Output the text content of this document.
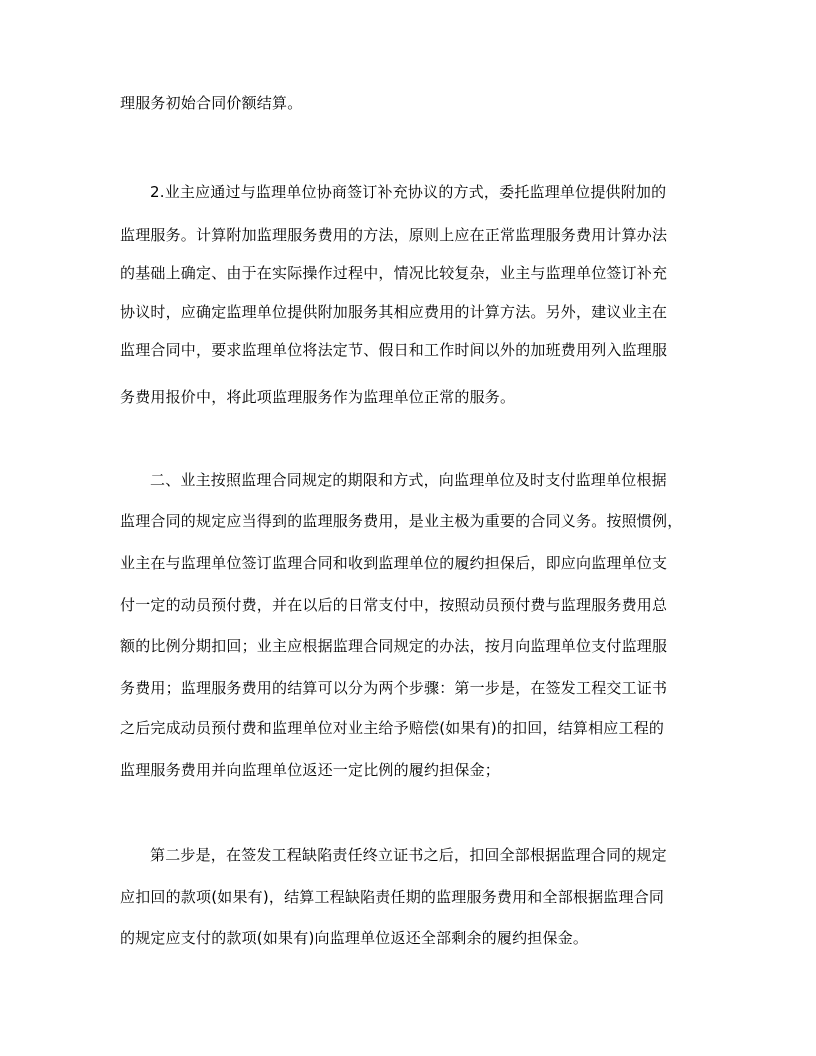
理服务初始合同价额结算。
2.业主应通过与监理单位协商签订补充协议的方式，委托监理单位提供附加的
监理服务。计算附加监理服务费用的方法，原则上应在正常监理服务费用计算办法
的基础上确定、由于在实际操作过程中，情况比较复杂，业主与监理单位签订补充
协议时，应确定监理单位提供附加服务其相应费用的计算方法。另外，建议业主在
监理合同中，要求监理单位将法定节、假日和工作时间以外的加班费用列入监理服
务费用报价中，将此项监理服务作为监理单位正常的服务。
二、业主按照监理合同规定的期限和方式，向监理单位及时支付监理单位根据
监理合同的规定应当得到的监理服务费用，是业主极为重要的合同义务。按照惯例，
业主在与监理单位签订监理合同和收到监理单位的履约担保后，即应向监理单位支
付一定的动员预付费，并在以后的日常支付中，按照动员预付费与监理服务费用总
额的比例分期扣回；业主应根据监理合同规定的办法，按月向监理单位支付监理服
务费用；监理服务费用的结算可以分为两个步骤：第一步是，在签发工程交工证书
之后完成动员预付费和监理单位对业主给予赔偿(如果有)的扣回，结算相应工程的
监理服务费用并向监理单位返还一定比例的履约担保金；
第二步是，在签发工程缺陷责任终立证书之后，扣回全部根据监理合同的规定
应扣回的款项(如果有)，结算工程缺陷责任期的监理服务费用和全部根据监理合同
的规定应支付的款项(如果有)向监理单位返还全部剩余的履约担保金。
